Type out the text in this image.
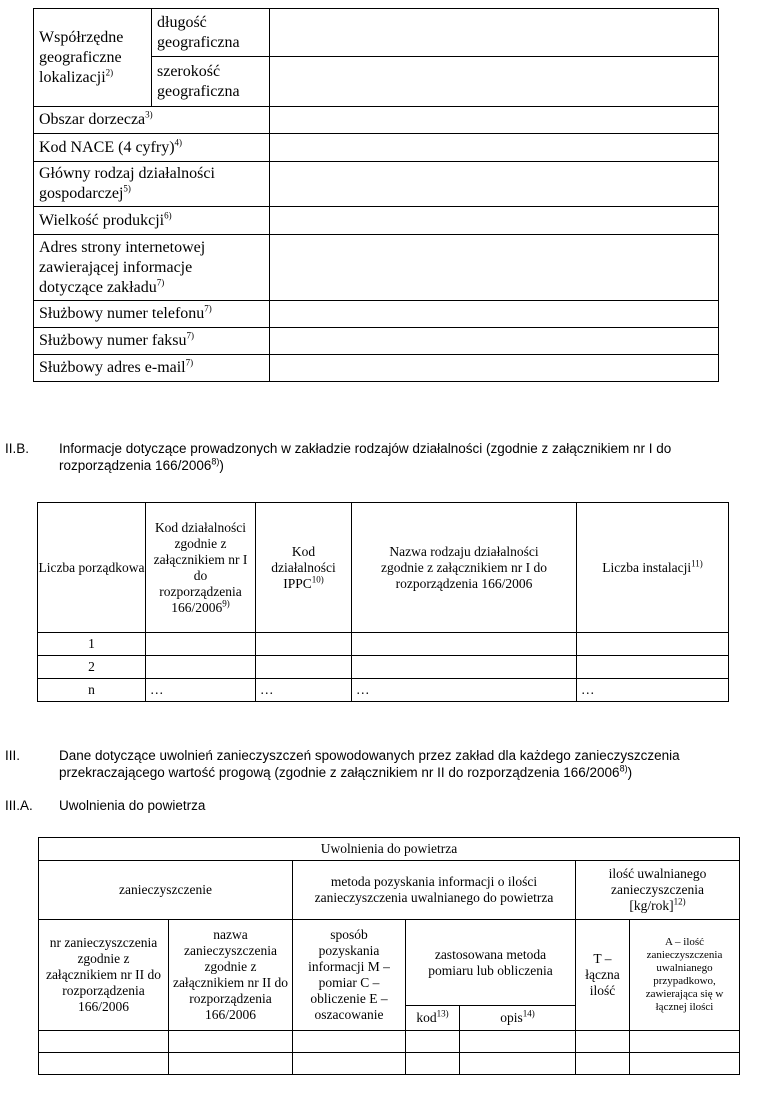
Współrzędne geograficzne lokalizacji$^{2)}$	długość geograficzna	
	szerokość geograficzna	
Obszar dorzecza$^{3)}$	
Kod NACE (4 cyfry)$^{4)}$	

Główny rodzaj działalności gospodarczej$^{5)}$

Wielkość produkcji$^{6)}$	

Adres strony internetowej zawierającej informacje dotyczące zakładu$^{7)}$

Służbowy numer telefonu$^{7)}$	
Służbowy numer faksu$^{7)}$	
Służbowy adres e-mail$^{7)}$	
II.B. Informacje dotyczące prowadzonych w zakładzie rodzajów działalności (zgodnie z załącznikiem nr I do rozporządzenia 166/2006$^{8)}$)
Liczba porządkowa	Kod działalności zgodnie z załącznikiem nr I do rozporządzenia 166/2006$^{9)}$	Kod działalności IPPC$^{10)}$	Nazwa rodzaju działalności zgodnie z załącznikiem nr I do rozporządzenia 166/2006	Liczba instalacji$^{11)}$
1				
2				
n	…	…	…	…
III.	Dane dotyczące uwolnień zanieczyszczeń spowodowanych przez zakład dla każdego zanieczyszczenia przekraczającego wartość progową (zgodnie z załącznikiem nr II do rozporządzenia 166/2006$^{8)}$)
III.A. Uwolnienia do powietrza
Uwolnienia do powietrza						
zanieczyszczenie		metoda pozyskania informacji o ilości zanieczyszczenia uwalnianego do powietrza			ilość uwalnianego zanieczyszczenia $[kg/rok]^{12)}$

nr zanieczyszczenia zgodnie z załącznikiem nr II do rozporządzenia 166/2006	nazwa zanieczyszczenia zgodnie z załącznikiem nr II do rozporządzenia 166/2006	sposób pozyskania informacji M – pomiar C – obliczenie E – oszacowanie	zastosowana metoda pomiaru lub obliczenia		T – łączna ilość	A – ilość zanieczyszczenia uwalnianego przypadkowo, zawierająca się w łącznej ilości

			kod$^{13)}$	opis$^{14)}$
